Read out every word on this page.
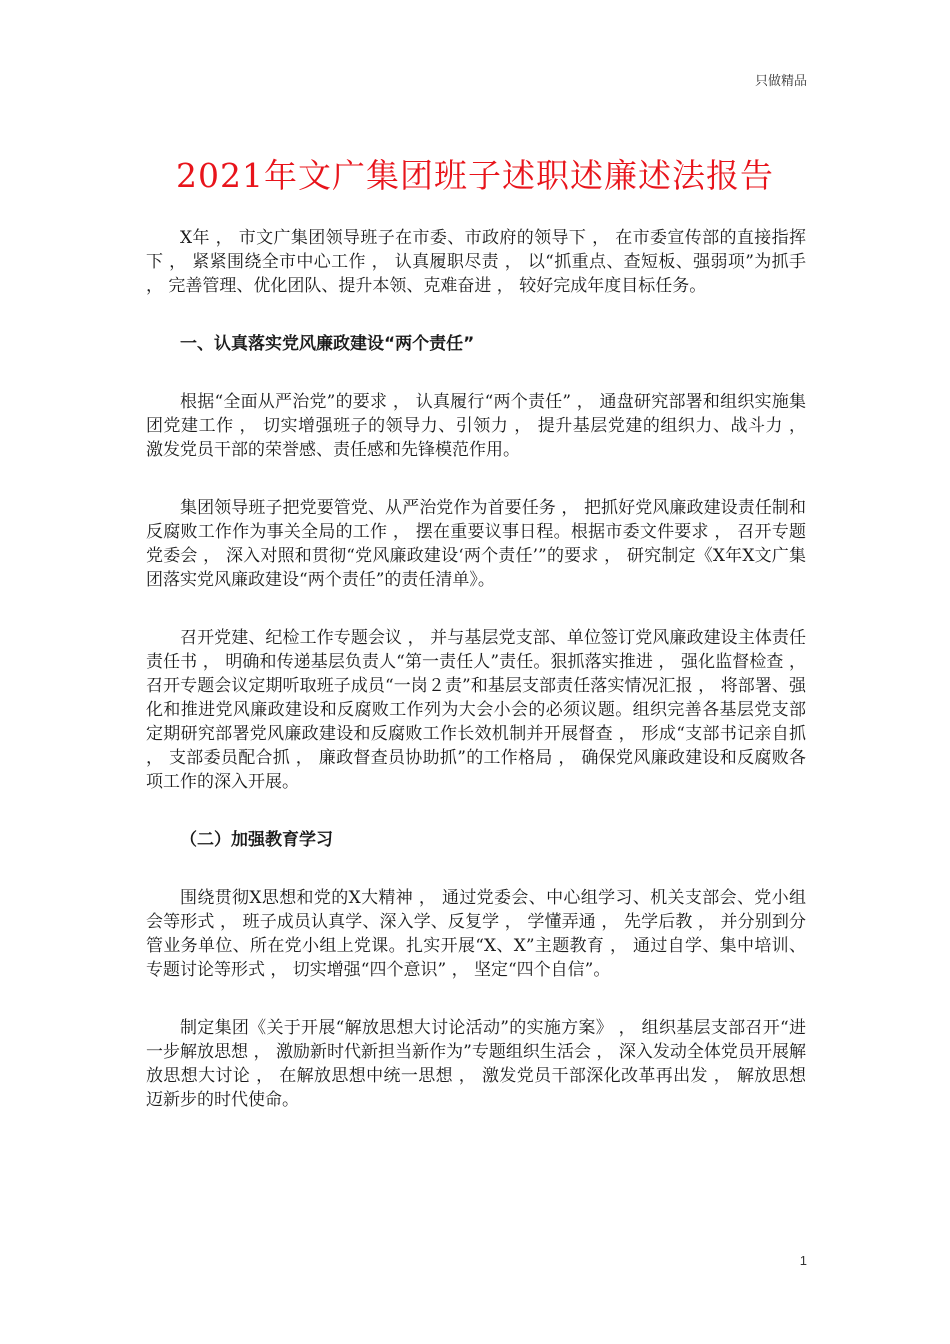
只做精品
2021年文广集团班子述职述廉述法报告

X年 ， 市文广集团领导班子在市委、市政府的领导下 ， 在市委宣传部的直接指挥下 ， 紧紧围绕全市中心工作 ， 认真履职尽责 ， 以“抓重点、查短板、强弱项”为抓手 ， 完善管理、优化团队、提升本领、克难奋进 ， 较好完成年度目标任务。

一、认真落实党风廉政建设“两个责任”

根据“全面从严治党”的要求 ， 认真履行“两个责任” ， 通盘研究部署和组织实施集团党建工作 ， 切实增强班子的领导力、引领力 ， 提升基层党建的组织力、战斗力 ， 激发党员干部的荣誉感、责任感和先锋模范作用。

集团领导班子把党要管党、从严治党作为首要任务 ， 把抓好党风廉政建设责任制和反腐败工作作为事关全局的工作 ， 摆在重要议事日程。根据市委文件要求 ， 召开专题党委会 ， 深入对照和贯彻“党风廉政建设‘两个责任’”的要求 ， 研究制定《X年X文广集团落实党风廉政建设“两个责任”的责任清单》。

召开党建、纪检工作专题会议 ， 并与基层党支部、单位签订党风廉政建设主体责任责任书 ， 明确和传递基层负责人“第一责任人”责任。狠抓落实推进 ， 强化监督检查 ， 召开专题会议定期听取班子成员“一岗２责”和基层支部责任落实情况汇报 ， 将部署、强化和推进党风廉政建设和反腐败工作列为大会小会的必须议题。组织完善各基层党支部定期研究部署党风廉政建设和反腐败工作长效机制并开展督查 ， 形成“支部书记亲自抓 ， 支部委员配合抓 ， 廉政督查员协助抓”的工作格局 ， 确保党风廉政建设和反腐败各项工作的深入开展。

（二）加强教育学习

围绕贯彻X思想和党的X大精神 ， 通过党委会、中心组学习、机关支部会、党小组会等形式 ， 班子成员认真学、深入学、反复学 ， 学懂弄通 ， 先学后教 ， 并分别到分管业务单位、所在党小组上党课。扎实开展“X、X”主题教育 ， 通过自学、集中培训、专题讨论等形式 ， 切实增强“四个意识” ， 坚定“四个自信”。

制定集团《关于开展“解放思想大讨论活动”的实施方案》 ， 组织基层支部召开“进一步解放思想 ， 激励新时代新担当新作为”专题组织生活会 ， 深入发动全体党员开展解放思想大讨论 ， 在解放思想中统一思想 ， 激发党员干部深化改革再出发 ， 解放思想迈新步的时代使命。

1
